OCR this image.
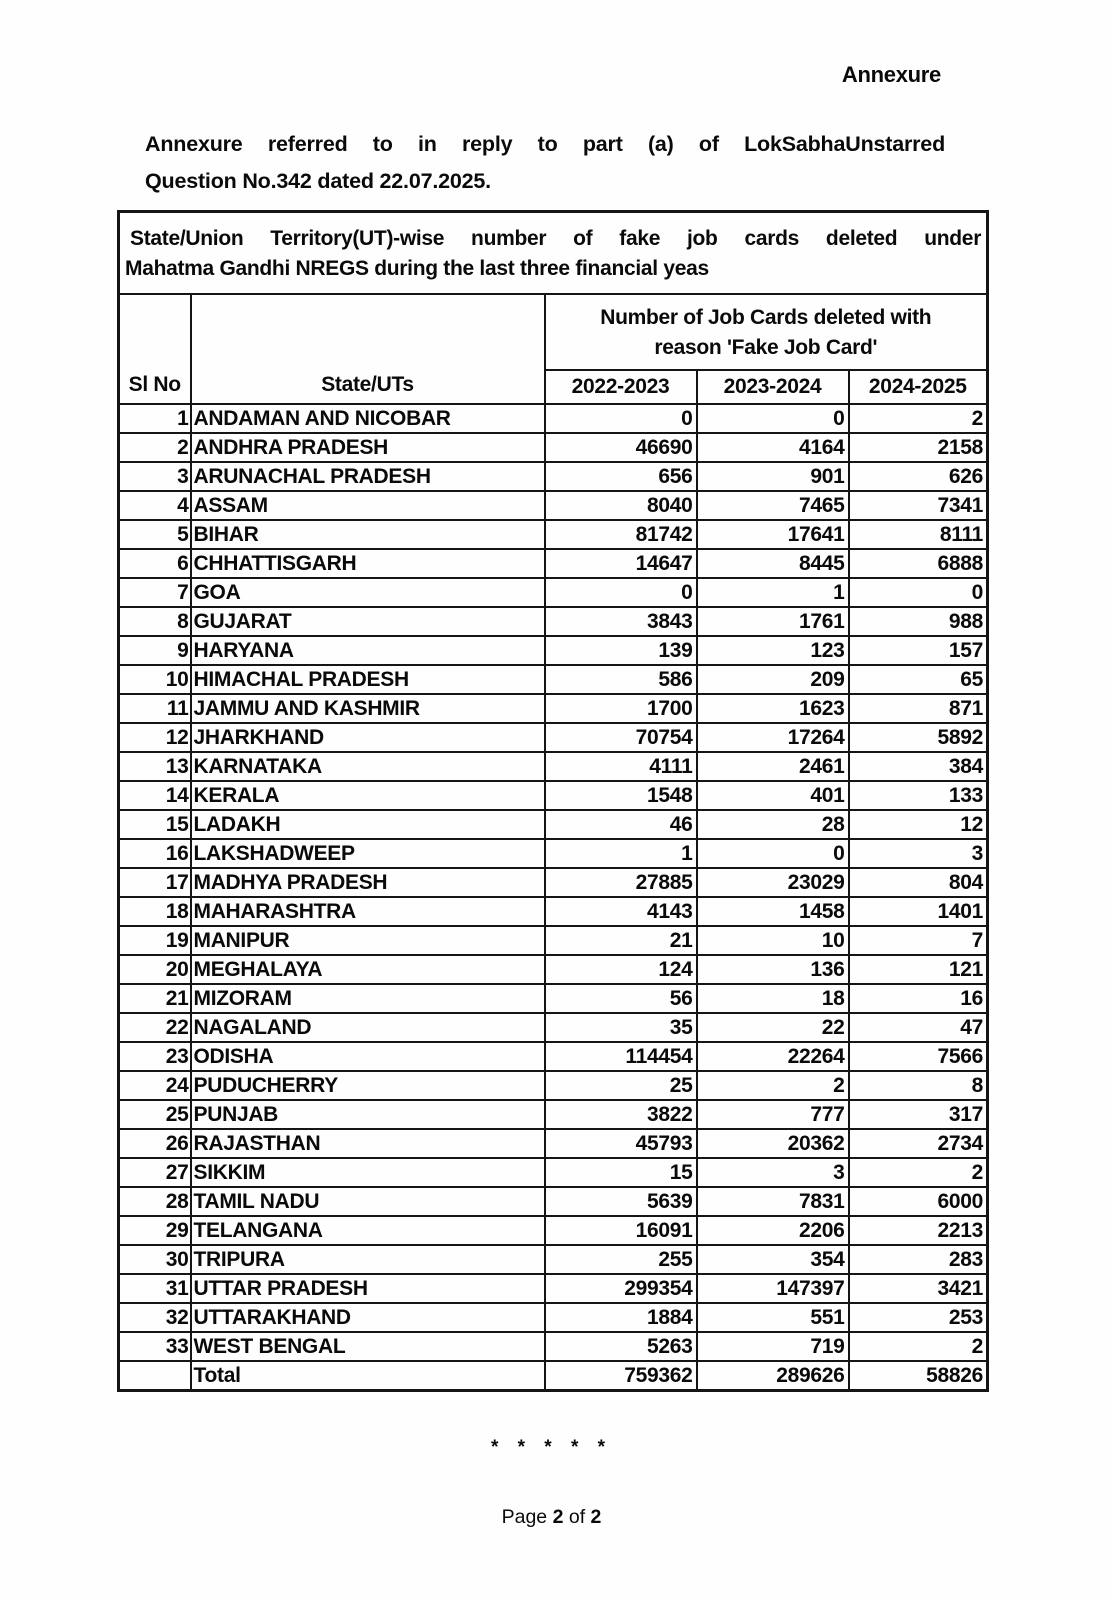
Annexure
Annexure referred to in reply to part (a) of LokSabhaUnstarred
Question No.342 dated 22.07.2025.
State/Union Territory(UT)-wise number of fake job cards deleted under
Mahatma Gandhi NREGS during the last three financial yeas				

Sl No	State/UTs	Number of Job Cards deleted with
reason 'Fake Job Card'		

		2022-2023	2023-2024	2024-2025
1	ANDAMAN AND NICOBAR	0	0	2
2	ANDHRA PRADESH	46690	4164	2158
3	ARUNACHAL PRADESH	656	901	626
4	ASSAM	8040	7465	7341
5	BIHAR	81742	17641	8111
6	CHHATTISGARH	14647	8445	6888
7	GOA	0	1	0
8	GUJARAT	3843	1761	988
9	HARYANA	139	123	157
10	HIMACHAL PRADESH	586	209	65
11	JAMMU AND KASHMIR	1700	1623	871
12	JHARKHAND	70754	17264	5892
13	KARNATAKA	4111	2461	384
14	KERALA	1548	401	133
15	LADAKH	46	28	12
16	LAKSHADWEEP	1	0	3
17	MADHYA PRADESH	27885	23029	804
18	MAHARASHTRA	4143	1458	1401
19	MANIPUR	21	10	7
20	MEGHALAYA	124	136	121
21	MIZORAM	56	18	16
22	NAGALAND	35	22	47
23	ODISHA	114454	22264	7566
24	PUDUCHERRY	25	2	8
25	PUNJAB	3822	777	317
26	RAJASTHAN	45793	20362	2734
27	SIKKIM	15	3	2
28	TAMIL NADU	5639	7831	6000
29	TELANGANA	16091	2206	2213
30	TRIPURA	255	354	283
31	UTTAR PRADESH	299354	147397	3421
32	UTTARAKHAND	1884	551	253
33	WEST BENGAL	5263	719	2
	Total	759362	289626	58826
* * * * *
Page 2 of 2
